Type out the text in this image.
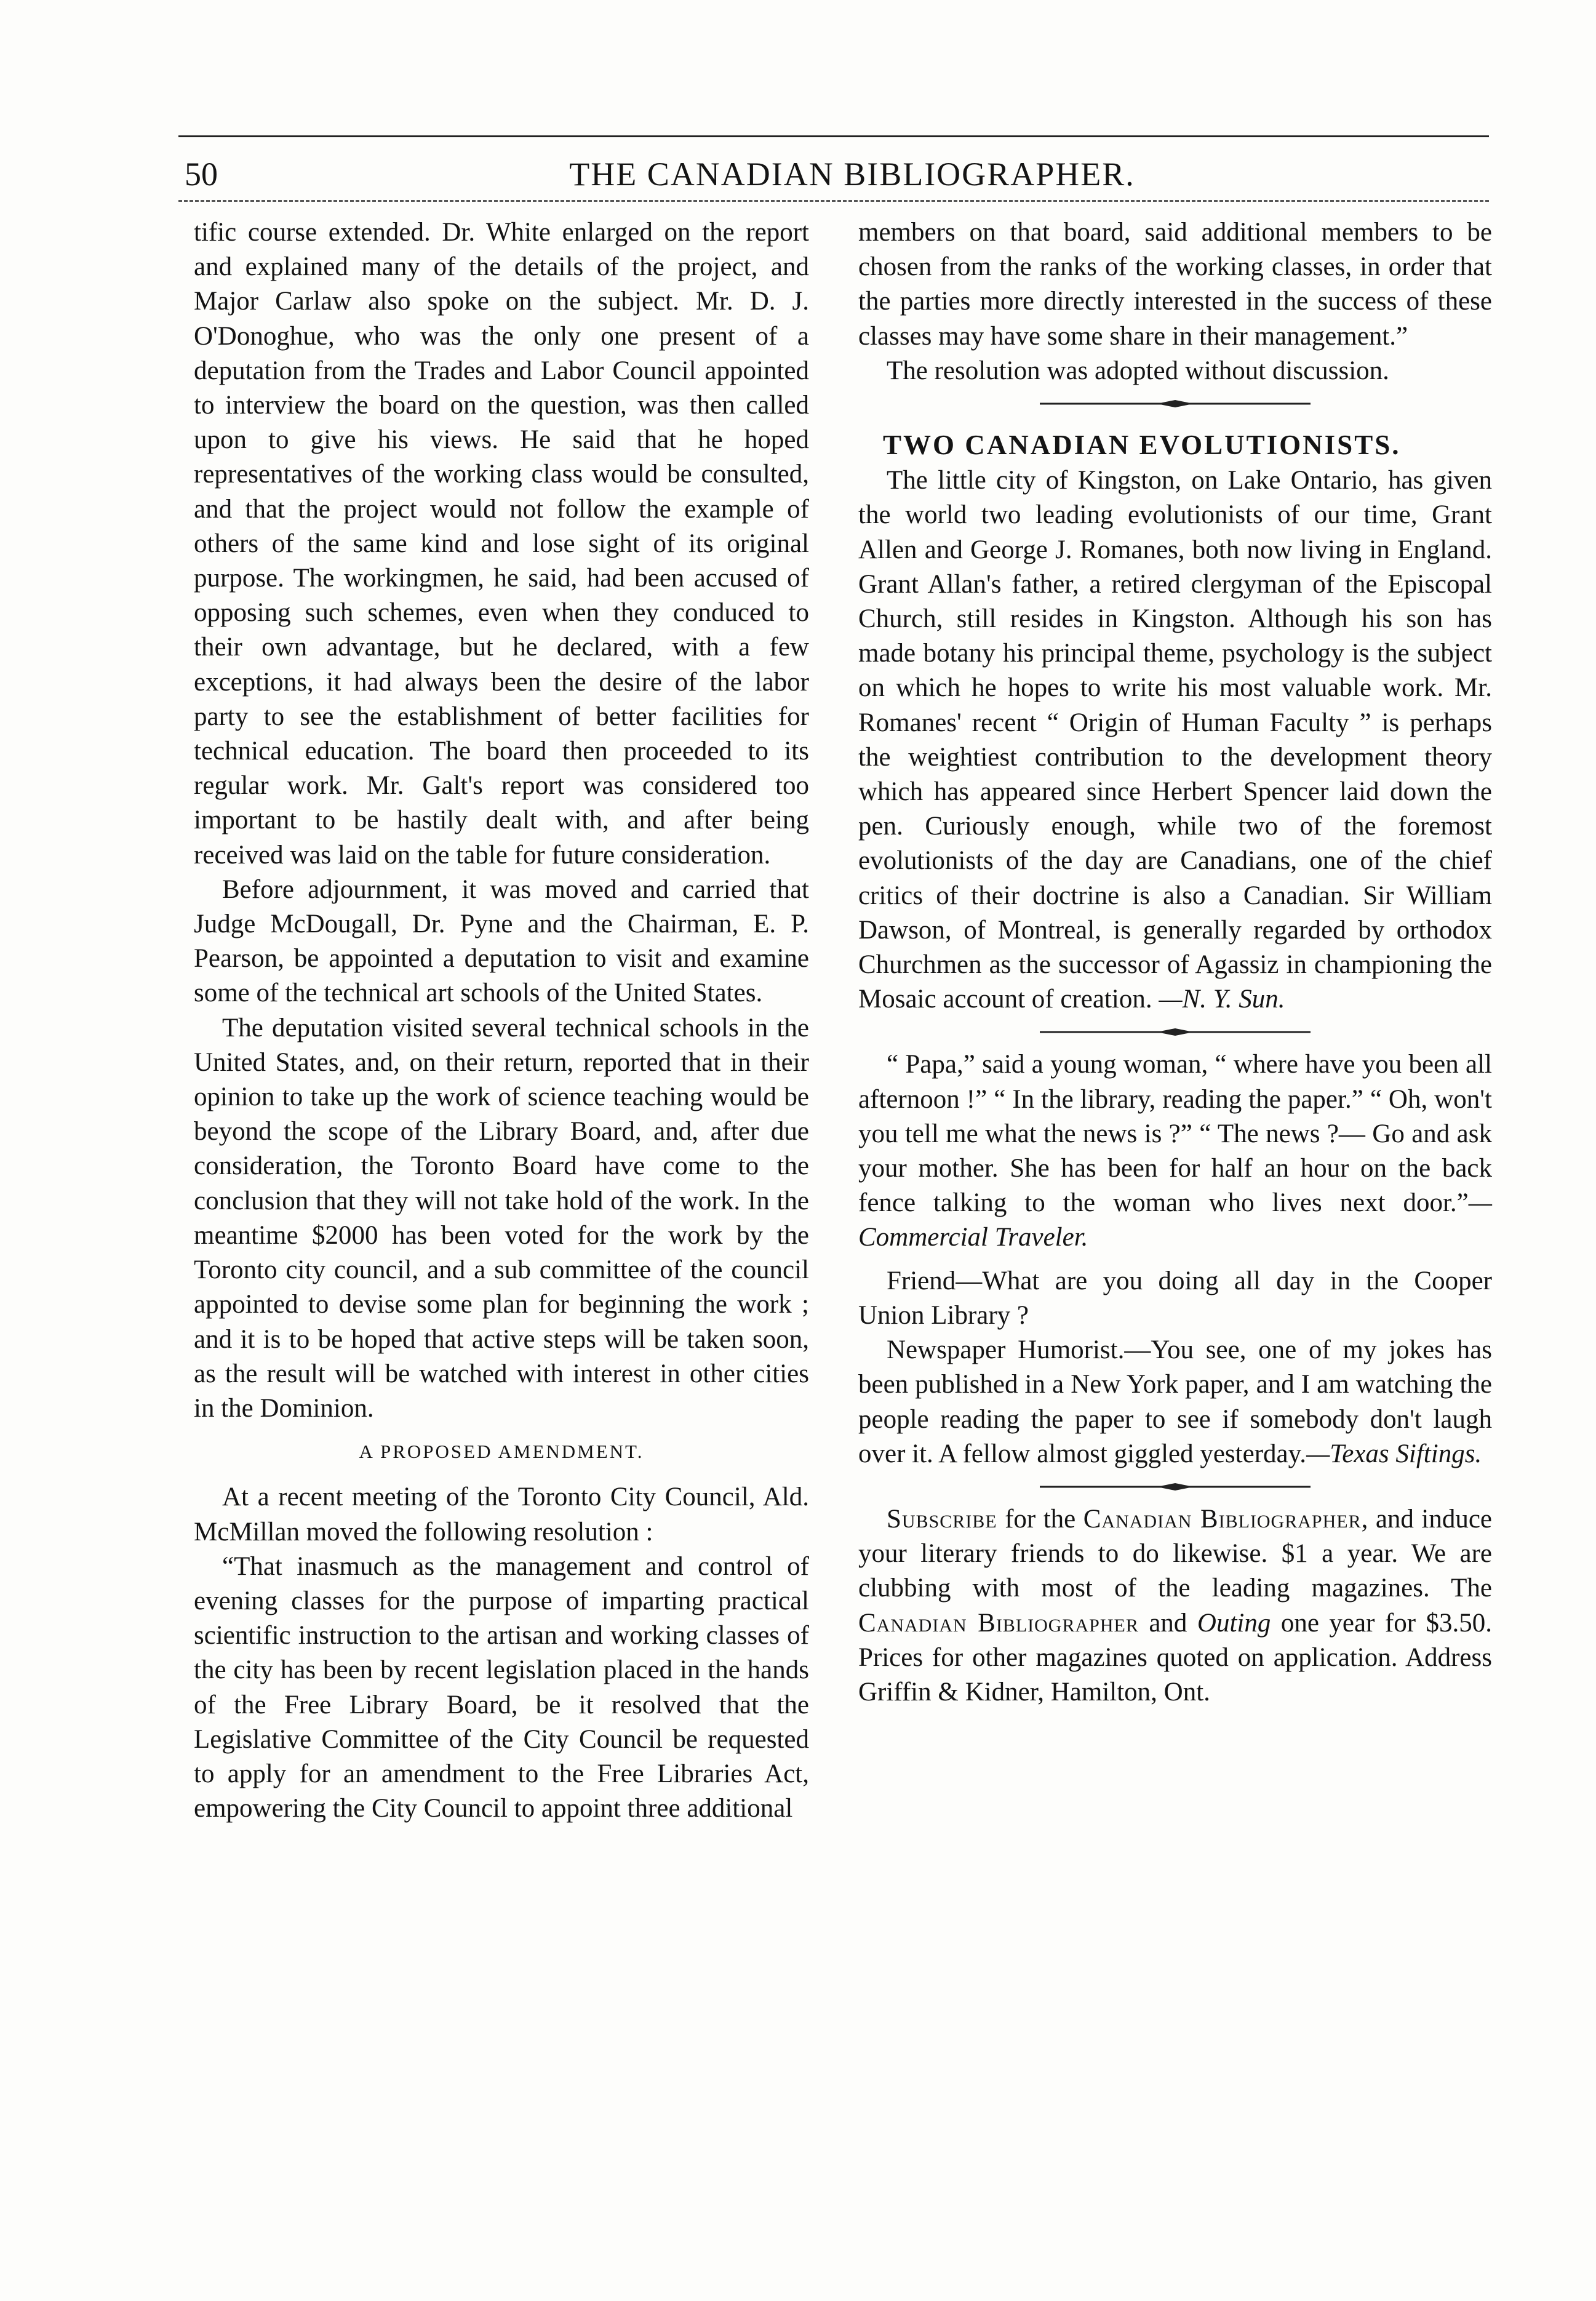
50	THE CANADIAN BIBLIOGRAPHER.

tific course extended. Dr. White enlarged on the report and explained many of the details of the project, and Major Carlaw also spoke on the subject. Mr. D. J. O'Donoghue, who was the only one present of a deputation from the Trades and Labor Council appointed to interview the board on the question, was then called upon to give his views. He said that he hoped representatives of the working class would be consulted, and that the project would not follow the example of others of the same kind and lose sight of its original purpose. The workingmen, he said, had been accused of opposing such schemes, even when they conduced to their own advantage, but he declared, with a few exceptions, it had always been the desire of the labor party to see the establishment of better facilities for technical education. The board then proceeded to its regular work. Mr. Galt's report was considered too important to be hastily dealt with, and after being received was laid on the table for future consideration.

Before adjournment, it was moved and carried that Judge McDougall, Dr. Pyne and the Chairman, E. P. Pearson, be appointed a deputation to visit and examine some of the technical art schools of the United States.

The deputation visited several technical schools in the United States, and, on their return, reported that in their opinion to take up the work of science teaching would be beyond the scope of the Library Board, and, after due consideration, the Toronto Board have come to the conclusion that they will not take hold of the work. In the meantime $2000 has been voted for the work by the Toronto city council, and a sub committee of the council appointed to devise some plan for beginning the work ; and it is to be hoped that active steps will be taken soon, as the result will be watched with interest in other cities in the Dominion.

A PROPOSED AMENDMENT.

At a recent meeting of the Toronto City Council, Ald. McMillan moved the following resolution :

“That inasmuch as the management and control of evening classes for the purpose of imparting practical scientific instruction to the artisan and working classes of the city has been by recent legislation placed in the hands of the Free Library Board, be it resolved that the Legislative Committee of the City Council be requested to apply for an amendment to the Free Libraries Act, empowering the City Council to appoint three additional

members on that board, said additional members to be chosen from the ranks of the working classes, in order that the parties more directly interested in the success of these classes may have some share in their management.”

The resolution was adopted without discussion.

TWO CANADIAN EVOLUTIONISTS.

The little city of Kingston, on Lake Ontario, has given the world two leading evolutionists of our time, Grant Allen and George J. Romanes, both now living in England. Grant Allan's father, a retired clergyman of the Episcopal Church, still resides in Kingston. Although his son has made botany his principal theme, psychology is the subject on which he hopes to write his most valuable work. Mr. Romanes' recent “ Origin of Human Faculty ” is perhaps the weightiest contribution to the development theory which has appeared since Herbert Spencer laid down the pen. Curiously enough, while two of the foremost evolutionists of the day are Canadians, one of the chief critics of their doctrine is also a Canadian. Sir William Dawson, of Montreal, is generally regarded by orthodox Churchmen as the successor of Agassiz in championing the Mosaic account of creation. —N. Y. Sun.

“ Papa,” said a young woman, “ where have you been all afternoon !” “ In the library, reading the paper.” “ Oh, won't you tell me what the news is ?” “ The news ?— Go and ask your mother. She has been for half an hour on the back fence talking to the woman who lives next door.”—Commercial Traveler.

Friend—What are you doing all day in the Cooper Union Library ?

Newspaper Humorist.—You see, one of my jokes has been published in a New York paper, and I am watching the people reading the paper to see if somebody don't laugh over it. A fellow almost giggled yesterday.—Texas Siftings.

Subscribe for the Canadian Bibliographer, and induce your literary friends to do likewise. $1 a year. We are clubbing with most of the leading magazines. The Canadian Bibliographer and Outing one year for $3.50. Prices for other magazines quoted on application. Address Griffin & Kidner, Hamilton, Ont.
